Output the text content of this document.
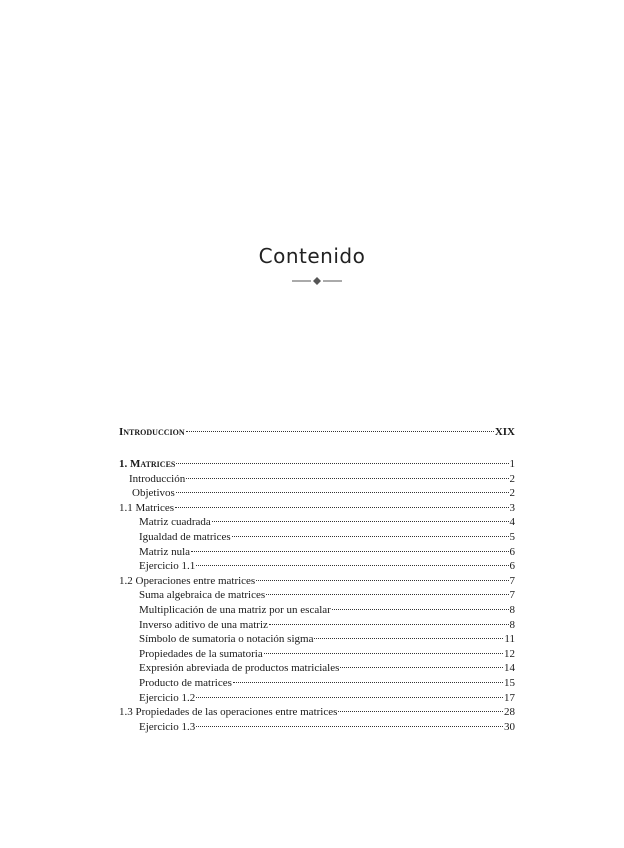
Contenido
Introduccion	XIX
1. Matrices	1
Introducción	2
Objetivos	2
1.1 Matrices	3
Matriz cuadrada	4
Igualdad de matrices	5
Matriz nula	6
Ejercicio 1.1	6
1.2 Operaciones entre matrices	7
Suma algebraica de matrices	7
Multiplicación de una matriz por un escalar	8
Inverso aditivo de una matriz	8
Símbolo de sumatoria o notación sigma	11
Propiedades de la sumatoria	12
Expresión abreviada de productos matriciales	14
Producto de matrices	15
Ejercicio 1.2	17
1.3 Propiedades de las operaciones entre matrices	28
Ejercicio 1.3	30
